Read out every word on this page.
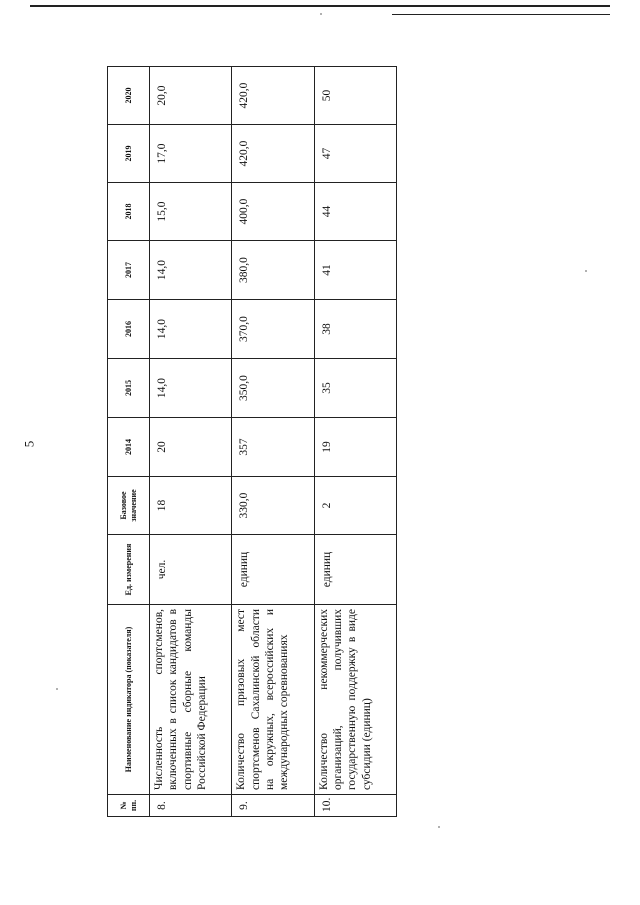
5
№ пп.	Наименование индикатора (показателя)	Ед. измерения	Базовое значение	2014	2015	2016	2017	2018	2019	2020
8.	Численность спортсменов, включенных в список кандидатов в спортивные сборные команды Российской Федерации	чел.	18	20	14,0	14,0	14,0	15,0	17,0	20,0
9.	Количество призовых мест спортсменов Сахалинской области на окружных, всероссийских и международных соревнованиях	единиц	330,0	357	350,0	370,0	380,0	400,0	420,0	420,0
10.	Количество некоммерческих организаций, получивших государственную поддержку в виде субсидии (единиц)	единиц	2	19	35	38	41	44	47	50
